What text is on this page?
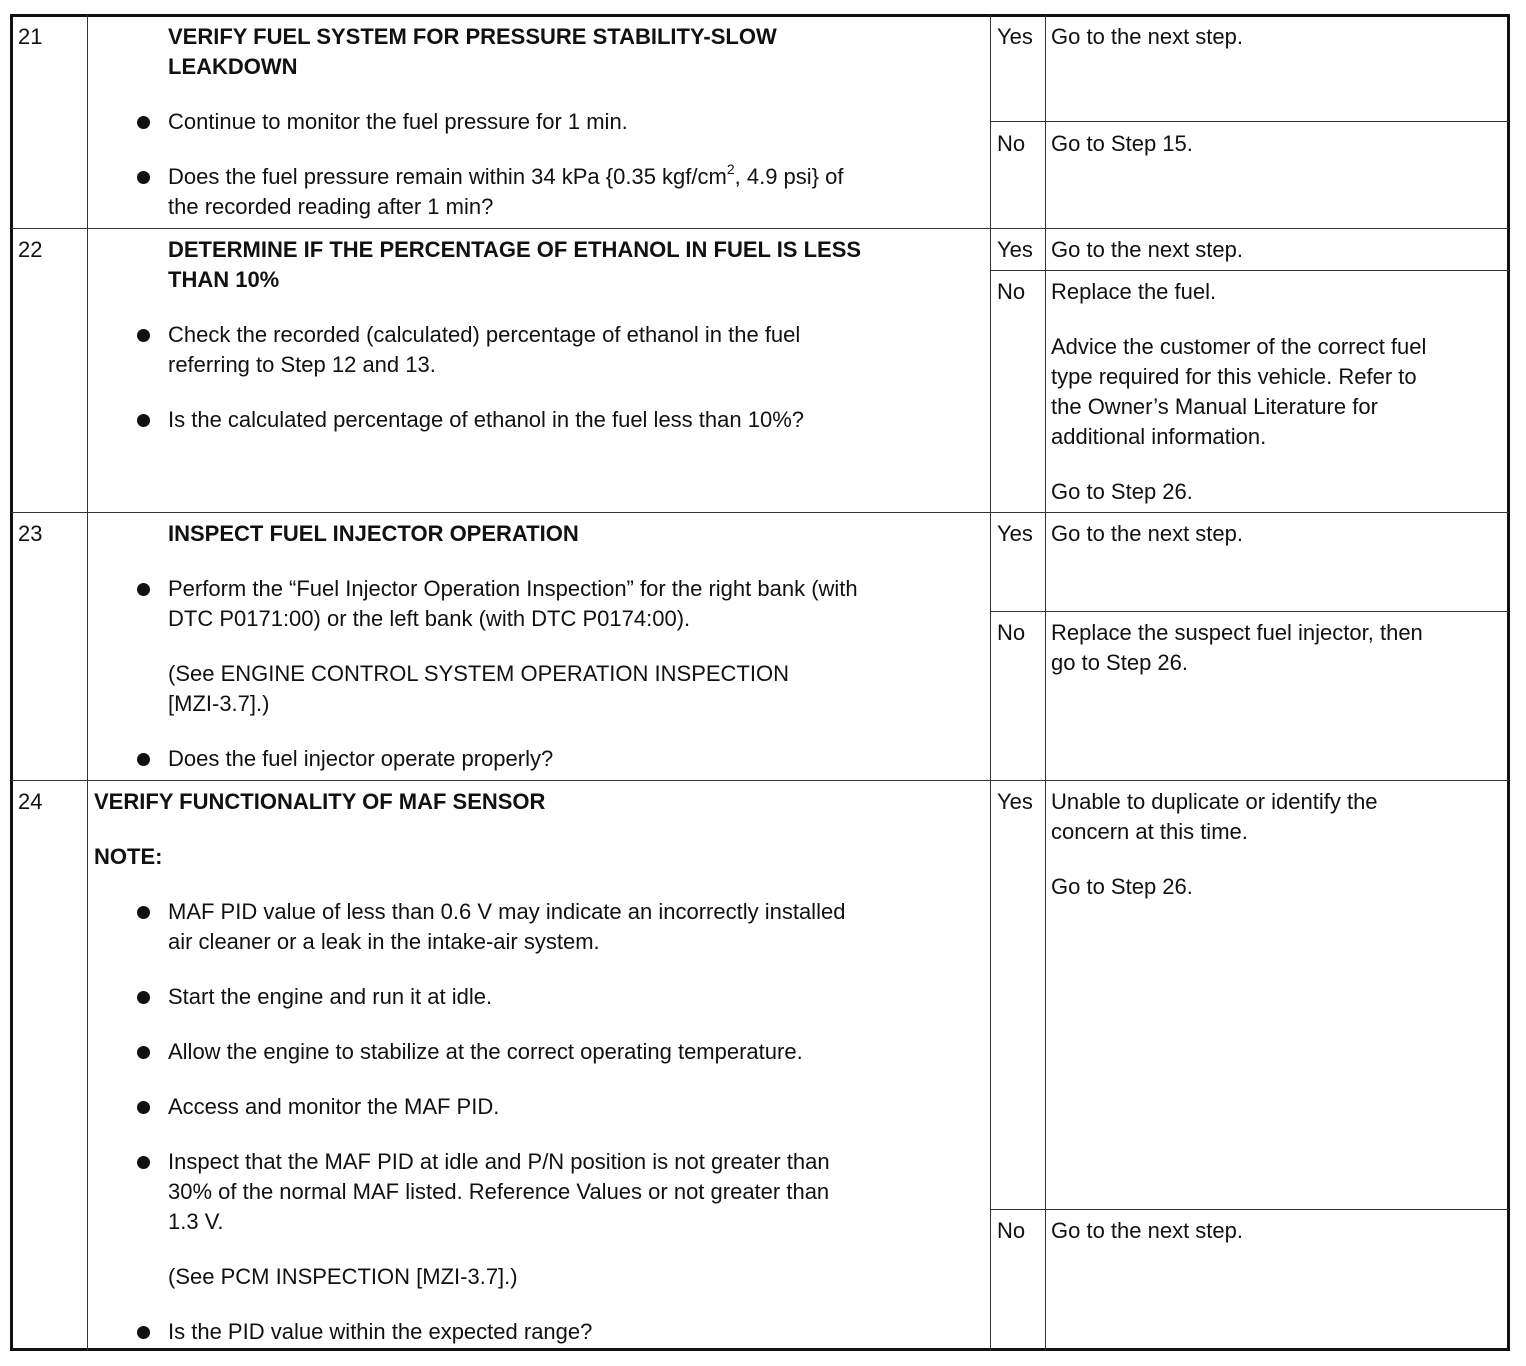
21	VERIFY FUEL SYSTEM FOR PRESSURE STABILITY-SLOW
LEAKDOWN
Continue to monitor the fuel pressure for 1 min.
Does the fuel pressure remain within 34 kPa {0.35 kgf/$cm^2$, 4.9 psi} of
the recorded reading after 1 min?
Yes Go to the next step.
No Go to Step 15.
22	DETERMINE IF THE PERCENTAGE OF ETHANOL IN FUEL IS LESS
THAN 10%
Check the recorded (calculated) percentage of ethanol in the fuel
referring to Step 12 and 13.
Is the calculated percentage of ethanol in the fuel less than 10%?
Yes Go to the next step.
No Replace the fuel.
Advice the customer of the correct fuel
type required for this vehicle. Refer to
the Owner’s Manual Literature for
additional information.
Go to Step 26.
23	INSPECT FUEL INJECTOR OPERATION
Perform the “Fuel Injector Operation Inspection” for the right bank (with
DTC P0171:00) or the left bank (with DTC P0174:00).
(See ENGINE CONTROL SYSTEM OPERATION INSPECTION
[MZI-3.7].)
Does the fuel injector operate properly?
Yes Go to the next step.
No Replace the suspect fuel injector, then
go to Step 26.
24 VERIFY FUNCTIONALITY OF MAF SENSOR
NOTE:
MAF PID value of less than 0.6 V may indicate an incorrectly installed
air cleaner or a leak in the intake-air system.
Start the engine and run it at idle.
Allow the engine to stabilize at the correct operating temperature.
Access and monitor the MAF PID.
Inspect that the MAF PID at idle and P/N position is not greater than
30% of the normal MAF listed. Reference Values or not greater than
1.3 V.
(See PCM INSPECTION [MZI-3.7].)
Is the PID value within the expected range?
Yes Unable to duplicate or identify the
concern at this time.
Go to Step 26.
No Go to the next step.
